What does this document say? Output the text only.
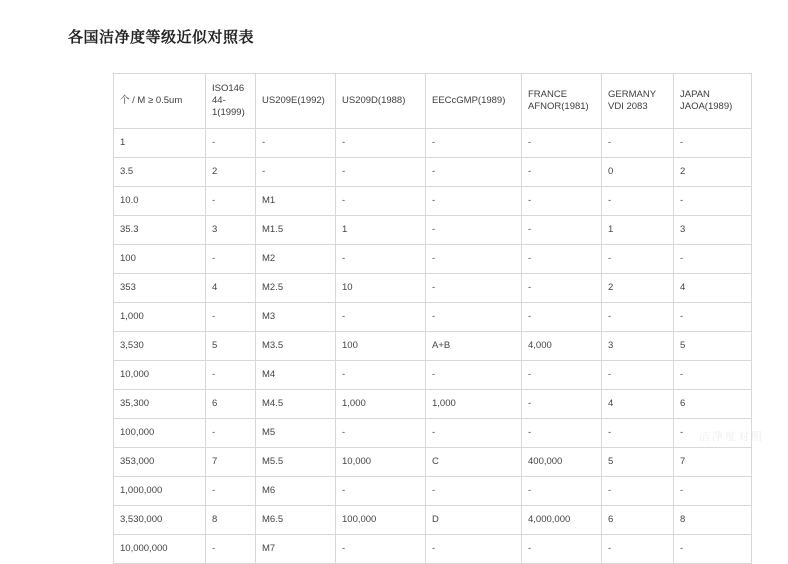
各国洁净度等级近似对照表
个 / M ≥ 0.5um	ISO14644-1(1999)	US209E(1992)	US209D(1988)	EECcGMP(1989)	FRANCE AFNOR(1981)	GERMANY VDI 2083	JAPAN JAOA(1989)
1	-	-	-	-	-	-	-
3.5	2	-	-	-	-	0	2
10.0	-	M1	-	-	-	-	-
35.3	3	M1.5	1	-	-	1	3
100	-	M2	-	-	-	-	-
353	4	M2.5	10	-	-	2	4
1,000	-	M3	-	-	-	-	-
3,530	5	M3.5	100	A+B	4,000	3	5
10,000	-	M4	-	-	-	-	-
35,300	6	M4.5	1,000	1,000	-	4	6
100,000	-	M5	-	-	-	-	-
353,000	7	M5.5	10,000	C	400,000	5	7
1,000,000	-	M6	-	-	-	-	-
3,530,000	8	M6.5	100,000	D	4,000,000	6	8
10,000,000	-	M7	-	-	-	-	-
洁净度对照
